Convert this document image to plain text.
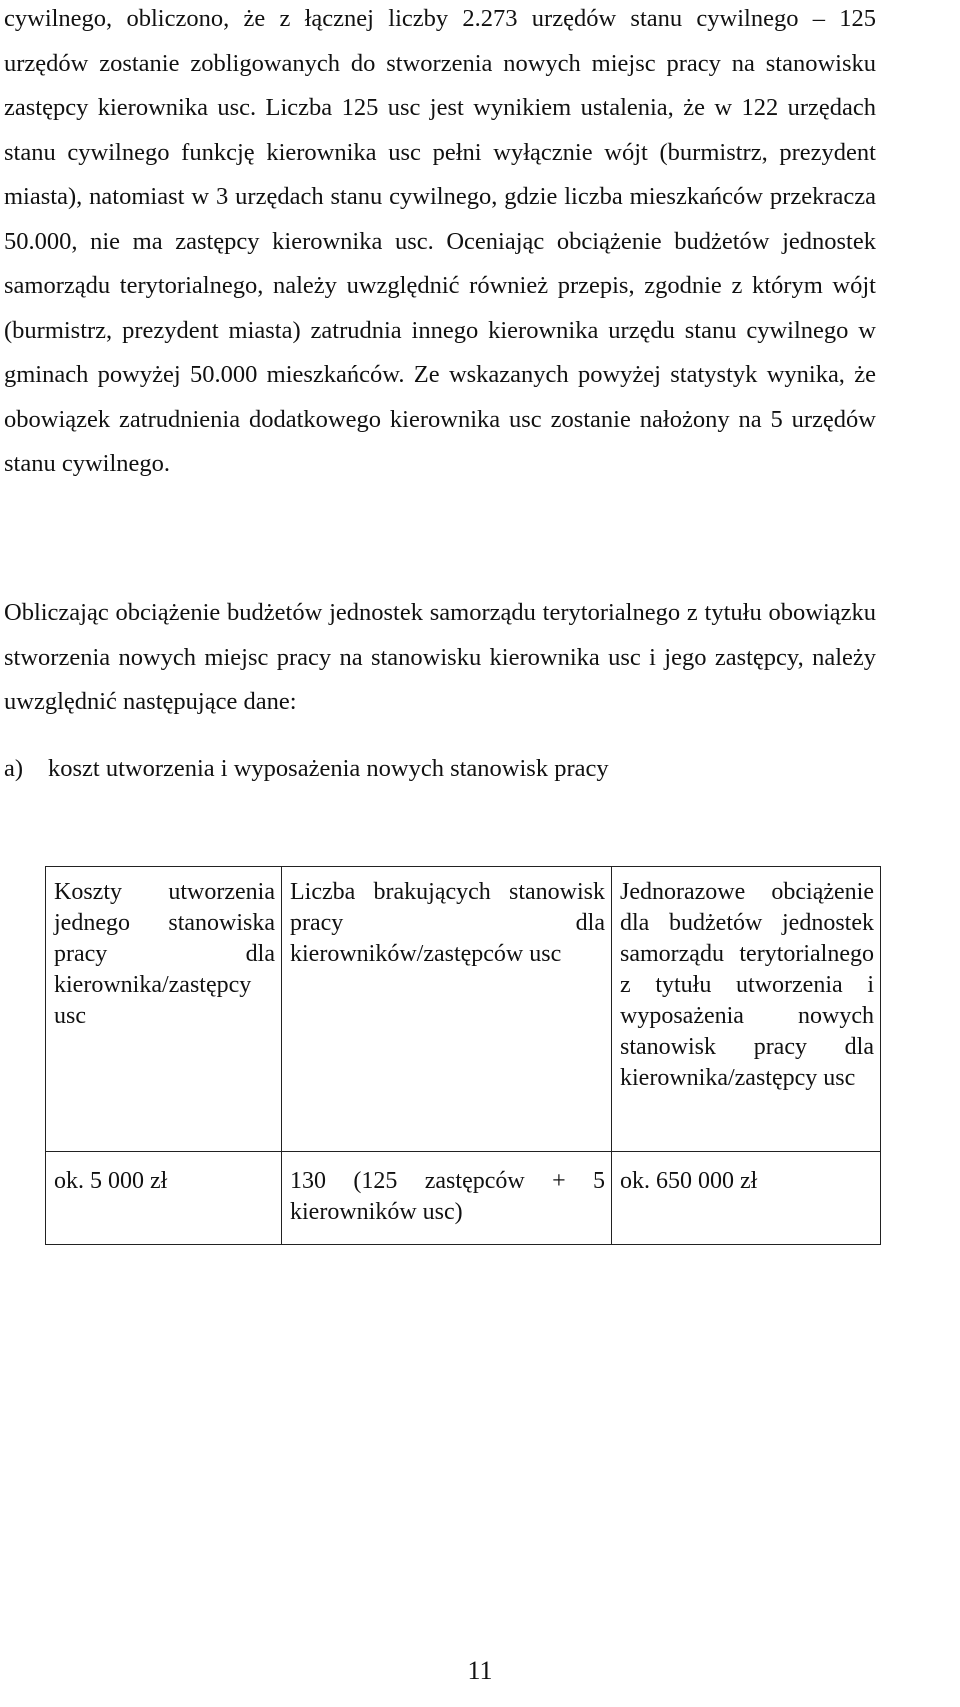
cywilnego, obliczono, że z łącznej liczby 2.273 urzędów stanu cywilnego – 125 urzędów zostanie zobligowanych do stworzenia nowych miejsc pracy na stanowisku zastępcy kierownika usc. Liczba 125 usc jest wynikiem ustalenia, że w 122 urzędach stanu cywilnego funkcję kierownika usc pełni wyłącznie wójt (burmistrz, prezydent miasta), natomiast w 3 urzędach stanu cywilnego, gdzie liczba mieszkańców przekracza 50.000, nie ma zastępcy kierownika usc. Oceniając obciążenie budżetów jednostek samorządu terytorialnego, należy uwzględnić również przepis, zgodnie z którym wójt (burmistrz, prezydent miasta) zatrudnia innego kierownika urzędu stanu cywilnego w gminach powyżej 50.000 mieszkańców. Ze wskazanych powyżej statystyk wynika, że obowiązek zatrudnienia dodatkowego kierownika usc zostanie nałożony na 5 urzędów stanu cywilnego.

Obliczając obciążenie budżetów jednostek samorządu terytorialnego z tytułu obowiązku stworzenia nowych miejsc pracy na stanowisku kierownika usc i jego zastępcy, należy uwzględnić następujące dane:

a) koszt utworzenia i wyposażenia nowych stanowisk pracy

Koszty utworzenia jednego stanowiska pracy dla kierownika/zastępcy usc	Liczba brakujących stanowisk pracy dla kierowników/zastępców usc	Jednorazowe obciążenie dla budżetów jednostek samorządu terytorialnego z tytułu utworzenia i wyposażenia nowych stanowisk pracy dla kierownika/zastępcy usc
ok. 5 000 zł	130 (125 zastępców + 5 kierowników usc)	ok. 650 000 zł

11
